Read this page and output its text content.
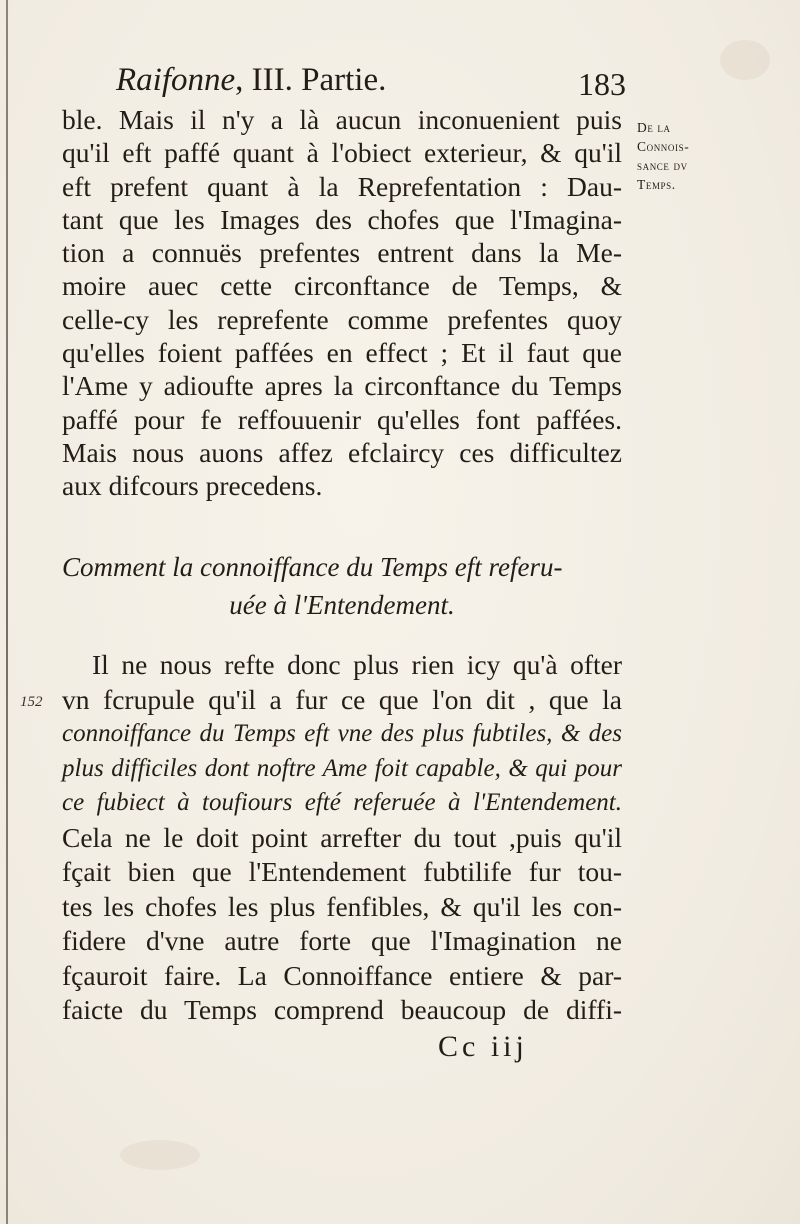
Raifonne, III. Partie.	183
De la
Connois-
sance dv
Temps.
ble. Mais il n'y a là aucun inconuenient puis
qu'il eft paffé quant à l'obiect exterieur, & qu'il
eft prefent quant à la Reprefentation : Dau-
tant que les Images des chofes que l'Imagina-
tion a connuës prefentes entrent dans la Me-
moire auec cette circonftance de Temps, &
celle-cy les reprefente comme prefentes quoy
qu'elles foient paffées en effect ; Et il faut que
l'Ame y adioufte apres la circonftance du Temps
paffé pour fe reffouuenir qu'elles font paffées.
Mais nous auons affez efclaircy ces difficultez
aux difcours precedens.
Comment la connoiffance du Temps eft referu-
uée à l'Entendement.
152
Il ne nous refte donc plus rien icy qu'à ofter
vn fcrupule qu'il a fur ce que l'on dit , que la
connoiffance du Temps eft vne des plus fubtiles, & des
plus difficiles dont noftre Ame foit capable, & qui pour
ce fubiect à toufiours efté referuée à l'Entendement.
Cela ne le doit point arrefter du tout ,puis qu'il
fçait bien que l'Entendement fubtilife fur tou-
tes les chofes les plus fenfibles, & qu'il les con-
fidere d'vne autre forte que l'Imagination ne
fçauroit faire. La Connoiffance entiere & par-
faicte du Temps comprend beaucoup de diffi-
Cc iij
